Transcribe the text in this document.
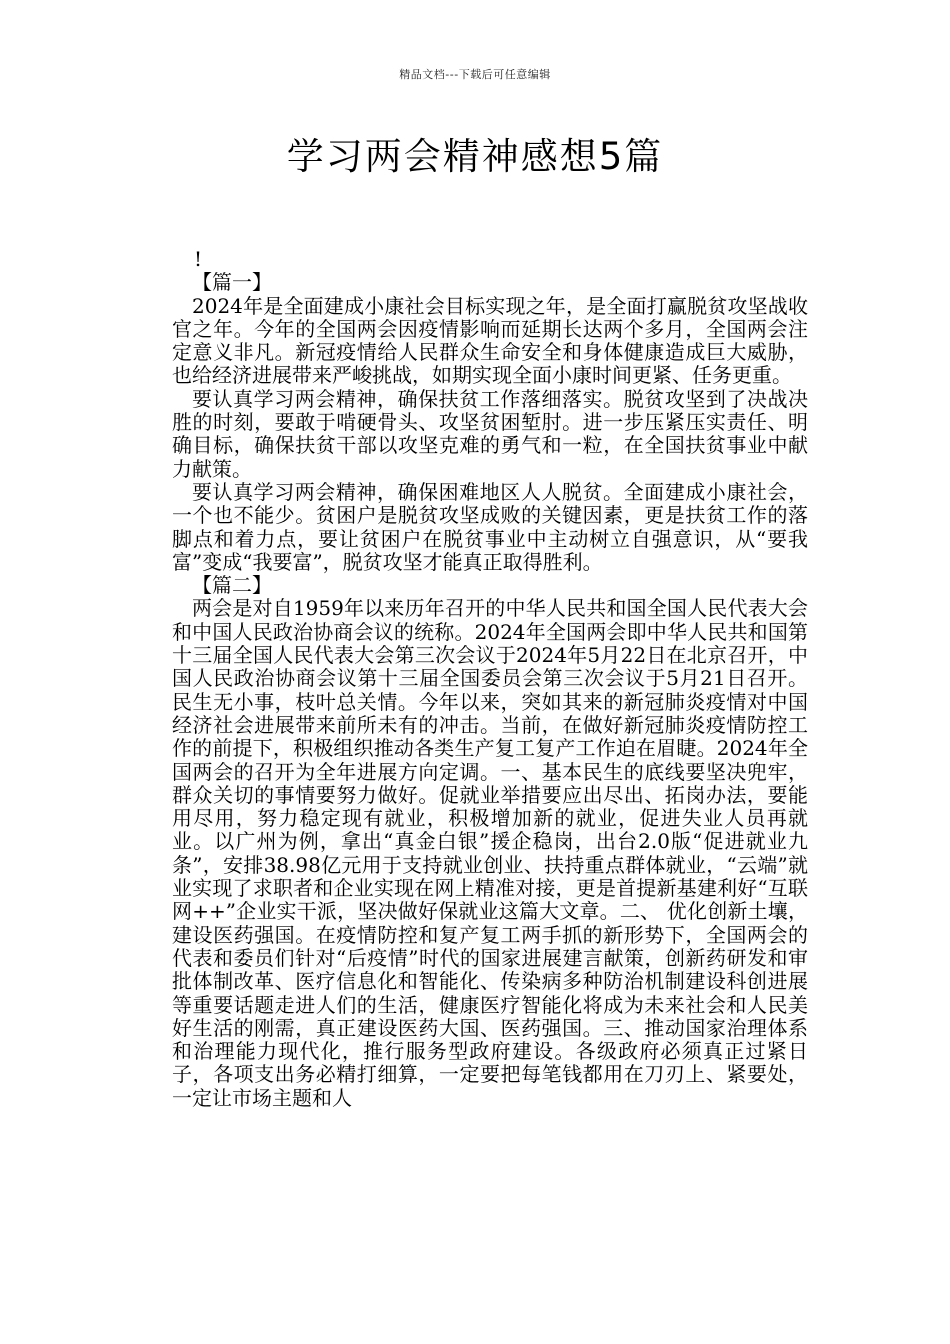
精品文档---下载后可任意编辑
学习两会精神感想5篇

!

【篇一】

2024年是全面建成小康社会目标实现之年，是全面打赢脱贫攻坚战收官之年。今年的全国两会因疫情影响而延期长达两个多月，全国两会注定意义非凡。新冠疫情给人民群众生命安全和身体健康造成巨大威胁，也给经济进展带来严峻挑战，如期实现全面小康时间更紧、任务更重。

要认真学习两会精神，确保扶贫工作落细落实。脱贫攻坚到了决战决胜的时刻，要敢于啃硬骨头、攻坚贫困堑肘。进一步压紧压实责任、明确目标，确保扶贫干部以攻坚克难的勇气和一粒，在全国扶贫事业中献力献策。

要认真学习两会精神，确保困难地区人人脱贫。全面建成小康社会，一个也不能少。贫困户是脱贫攻坚成败的关键因素，更是扶贫工作的落脚点和着力点，要让贫困户在脱贫事业中主动树立自强意识，从“要我富”变成“我要富”，脱贫攻坚才能真正取得胜利。

【篇二】

两会是对自1959年以来历年召开的中华人民共和国全国人民代表大会和中国人民政治协商会议的统称。2024年全国两会即中华人民共和国第十三届全国人民代表大会第三次会议于2024年5月22日在北京召开，中国人民政治协商会议第十三届全国委员会第三次会议于5月21日召开。民生无小事，枝叶总关情。今年以来，突如其来的新冠肺炎疫情对中国经济社会进展带来前所未有的冲击。当前，在做好新冠肺炎疫情防控工作的前提下，积极组织推动各类生产复工复产工作迫在眉睫。2024年全国两会的召开为全年进展方向定调。一、基本民生的底线要坚决兜牢，群众关切的事情要努力做好。促就业举措要应出尽出、拓岗办法，要能用尽用，努力稳定现有就业，积极增加新的就业，促进失业人员再就业。以广州为例，拿出“真金白银”援企稳岗，出台2.0版“促进就业九条”，安排38.98亿元用于支持就业创业、扶持重点群体就业，“云端”就业实现了求职者和企业实现在网上精准对接，更是首提新基建利好“互联网++”企业实干派，坚决做好保就业这篇大文章。二、 优化创新土壤，建设医药强国。在疫情防控和复产复工两手抓的新形势下，全国两会的代表和委员们针对“后疫情”时代的国家进展建言献策，创新药研发和审批体制改革、医疗信息化和智能化、传染病多种防治机制建设科创进展等重要话题走进人们的生活，健康医疗智能化将成为未来社会和人民美好生活的刚需，真正建设医药大国、医药强国。三、推动国家治理体系和治理能力现代化，推行服务型政府建设。各级政府必须真正过紧日子，各项支出务必精打细算，一定要把每笔钱都用在刀刃上、紧要处，一定让市场主题和人
